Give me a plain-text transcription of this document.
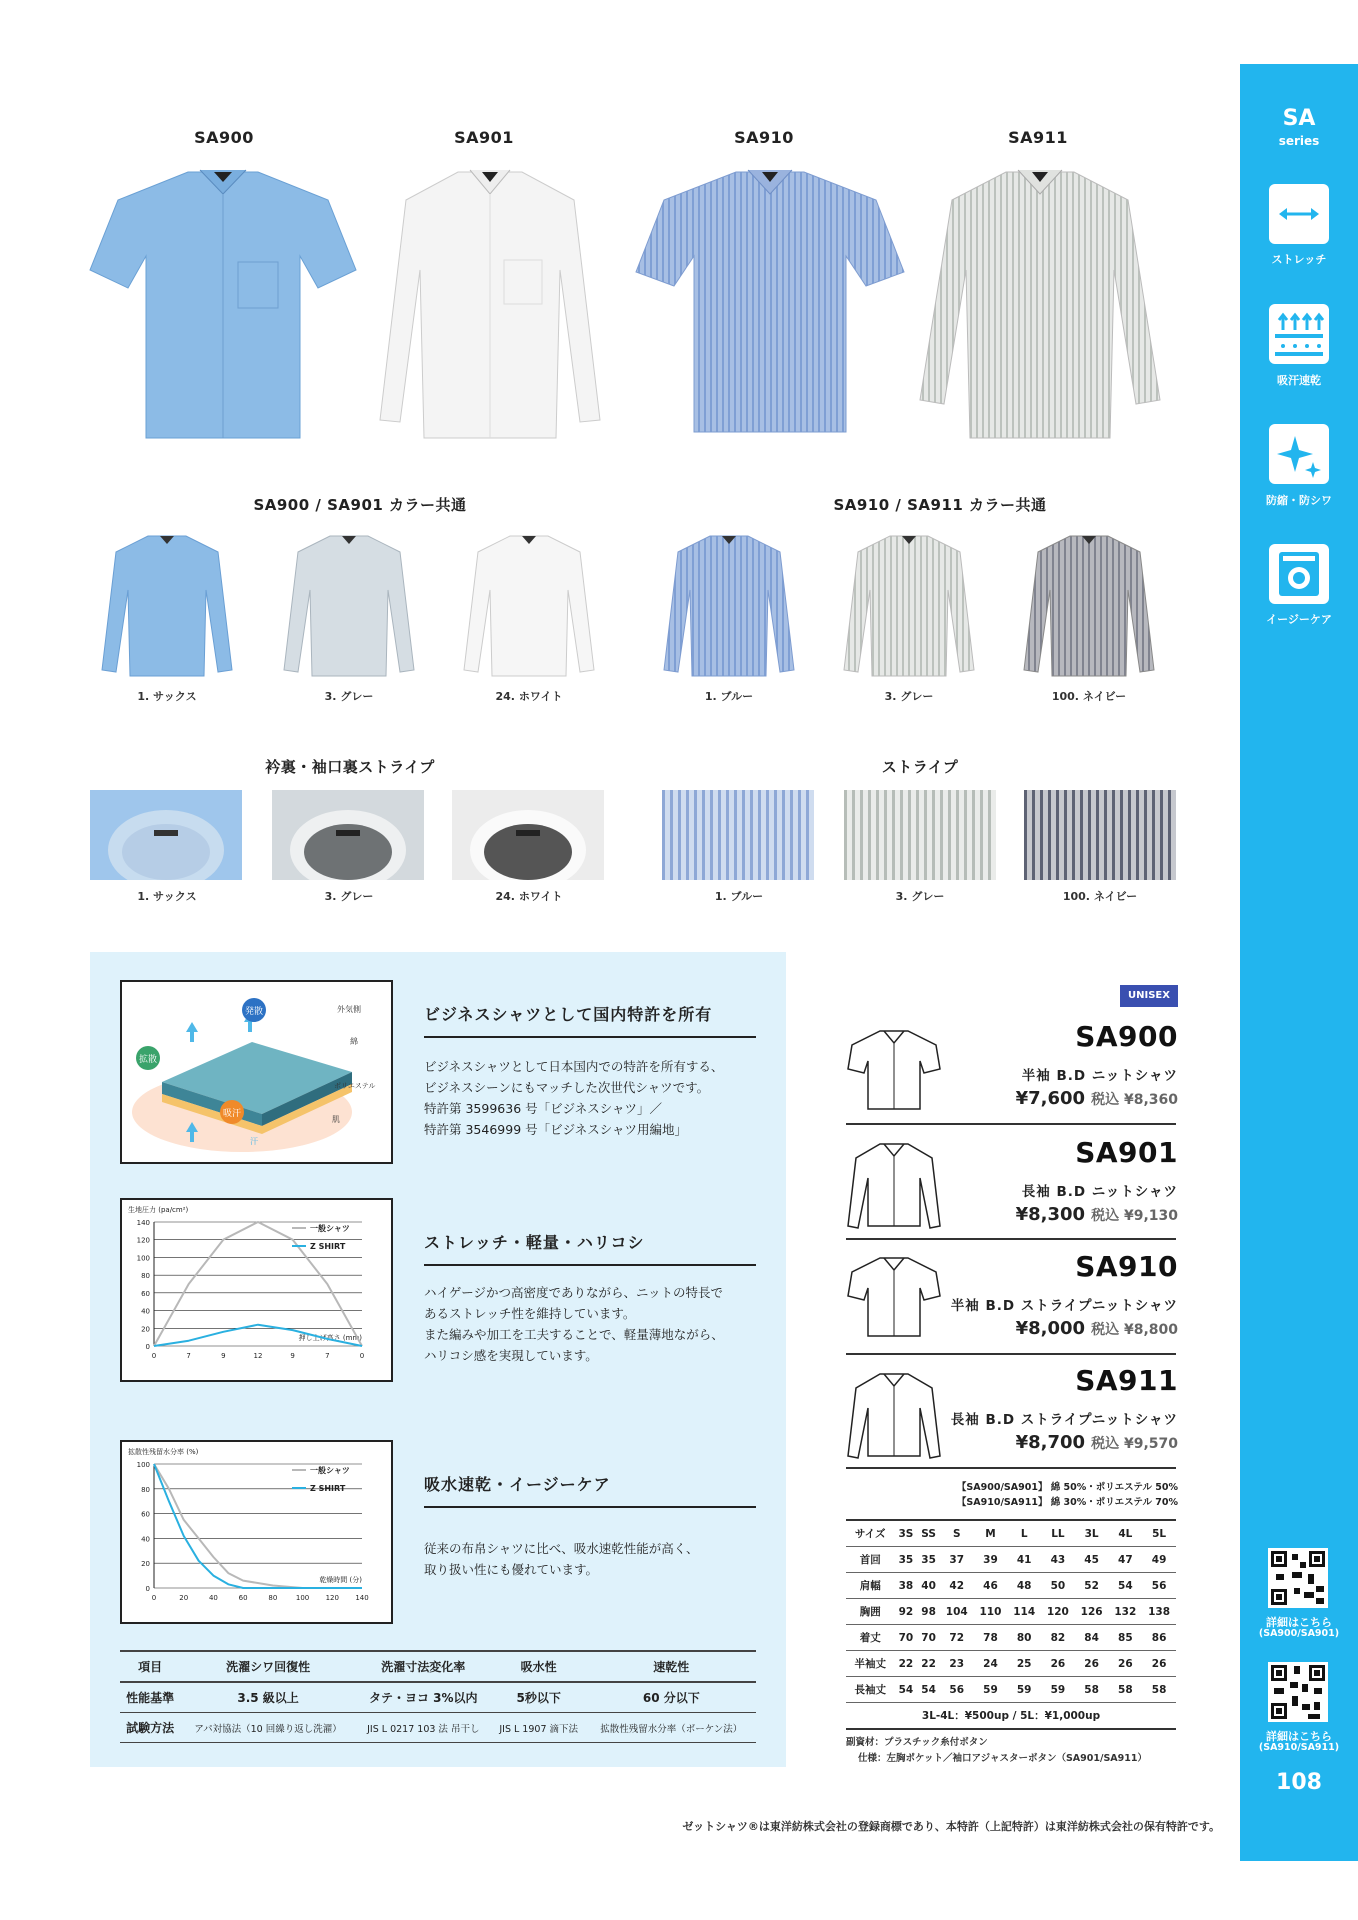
SA
series
ストレッチ
吸汗速乾
防縮・防シワ
イージーケア
詳細はこちら
(SA900/SA901)
詳細はこちら
(SA910/SA911)
108
SA900	SA901	SA910	SA911
SA900 / SA901 カラー共通	SA910 / SA911 カラー共通
1. サックス	3. グレー	24. ホワイト	1. ブルー	3. グレー	100. ネイビー
衿裏・袖口裏ストライプ	ストライプ
1. サックス	3. グレー	24. ホワイト	1. ブルー	3. グレー	100. ネイビー
発散	外気側
綿
拡散
ポリエステル
吸汗
肌
汗
ビジネスシャツとして国内特許を所有
ビジネスシャツとして日本国内での特許を所有する、
ビジネスシーンにもマッチした次世代シャツです。
特許第 3599636 号「ビジネスシャツ」／
特許第 3546999 号「ビジネスシャツ用編地」
生地圧力 (pa/cm²)
0
20
40
60
80
100
120
140
0	7	9	12	9	7	0
押し上げ高さ (mm)
一般シャツ
Z SHIRT	ストレッチ・軽量・ハリコシ
ハイゲージかつ高密度でありながら、ニットの特長で
あるストレッチ性を維持しています。
また編みや加工を工夫することで、軽量薄地ながら、
ハリコシ感を実現しています。
拡散性残留水分率 (%)
0
20
40
60
80
100
0	20	40	60	80	100 120 140
乾燥時間 (分)
一般シャツ
Z SHIRT	吸水速乾・イージーケア
従来の布帛シャツに比べ、吸水速乾性能が高く、
取り扱い性にも優れています。
項目	洗濯シワ回復性	洗濯寸法変化率	吸水性	速乾性
性能基準	3.5 級以上	タテ・ヨコ 3%以内	5秒以下	60 分以下
試験方法	アパ対協法（10 回繰り返し洗濯）	JIS L 0217 103 法 吊干し	JIS L 1907 滴下法	拡散性残留水分率（ボーケン法）
UNISEX
SA900
半袖 B.D ニットシャツ
¥7,600 税込 ¥8,360
SA901
長袖 B.D ニットシャツ
¥8,300 税込 ¥9,130
SA910
半袖 B.D ストライプニットシャツ
¥8,000 税込 ¥8,800
SA911
長袖 B.D ストライプニットシャツ
¥8,700 税込 ¥9,570
【SA900/SA901】 綿 50%・ポリエステル 50%
【SA910/SA911】 綿 30%・ポリエステル 70%
サイズ	3S	SS	S	M	L	LL	3L	4L	5L
首回	35	35	37	39	41	43	45	47	49
肩幅	38	40	42	46	48	50	52	54	56
胸囲	92	98	104	110	114	120	126	132	138
着丈	70	70	72	78	80	82	84	85	86
半袖丈	22	22	23	24	25	26	26	26	26
長袖丈	54	54	56	59	59	59	58	58	58
3L-4L：¥500up / 5L：¥1,000up									
副資材：プラスチック糸付ボタン
仕様：左胸ポケット／袖口アジャスターボタン（SA901/SA911）
ゼットシャツ®は東洋紡株式会社の登録商標であり、本特許（上記特許）は東洋紡株式会社の保有特許です。
